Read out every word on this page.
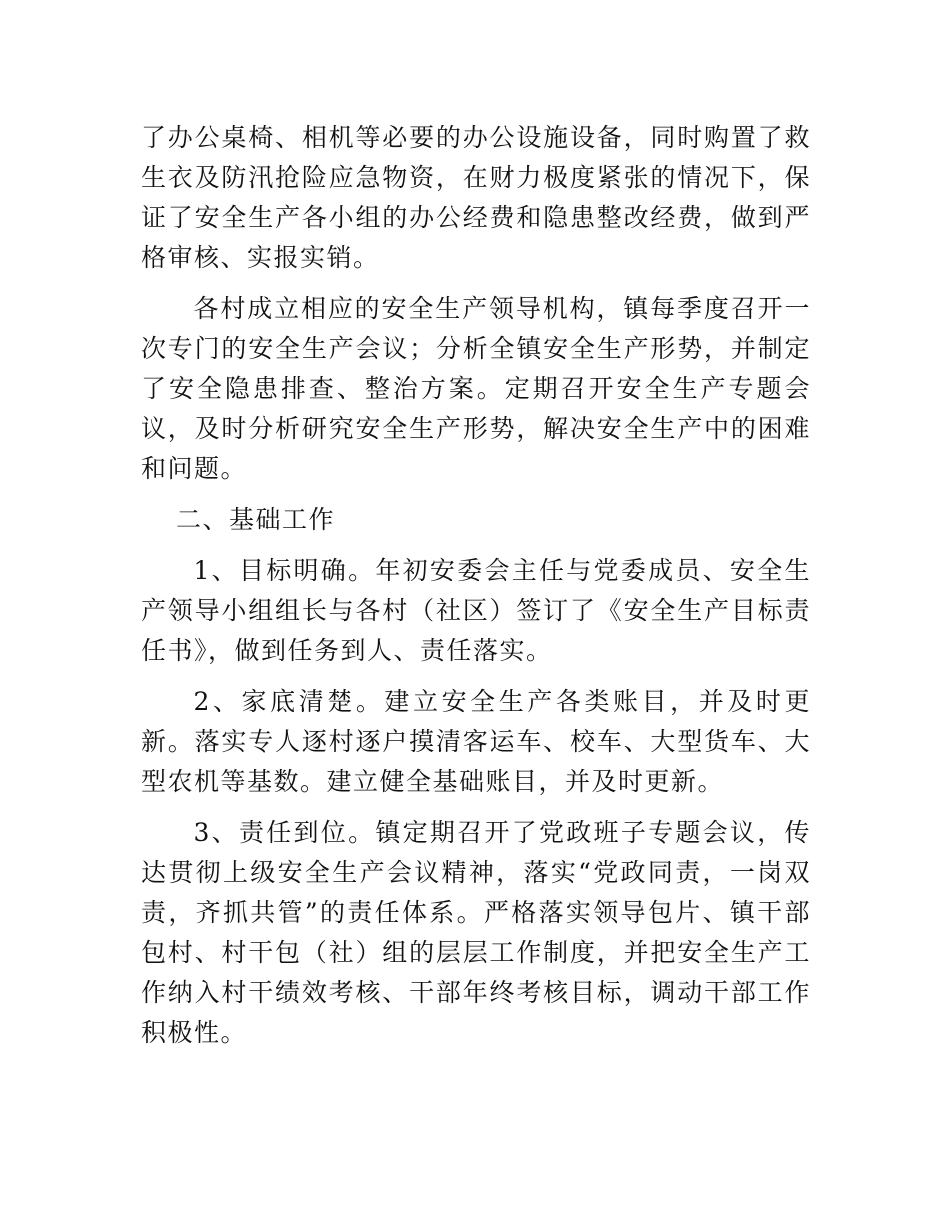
了办公桌椅、相机等必要的办公设施设备，同时购置了救生衣及防汛抢险应急物资，在财力极度紧张的情况下，保证了安全生产各小组的办公经费和隐患整改经费，做到严格审核、实报实销。

各村成立相应的安全生产领导机构，镇每季度召开一次专门的安全生产会议；分析全镇安全生产形势，并制定了安全隐患排查、整治方案。定期召开安全生产专题会议，及时分析研究安全生产形势，解决安全生产中的困难和问题。

二、基础工作

1、目标明确。年初安委会主任与党委成员、安全生产领导小组组长与各村（社区）签订了《安全生产目标责任书》，做到任务到人、责任落实。

2、家底清楚。建立安全生产各类账目，并及时更新。落实专人逐村逐户摸清客运车、校车、大型货车、大型农机等基数。建立健全基础账目，并及时更新。

3、责任到位。镇定期召开了党政班子专题会议，传达贯彻上级安全生产会议精神，落实“党政同责，一岗双责，齐抓共管”的责任体系。严格落实领导包片、镇干部包村、村干包（社）组的层层工作制度，并把安全生产工作纳入村干绩效考核、干部年终考核目标，调动干部工作积极性。
